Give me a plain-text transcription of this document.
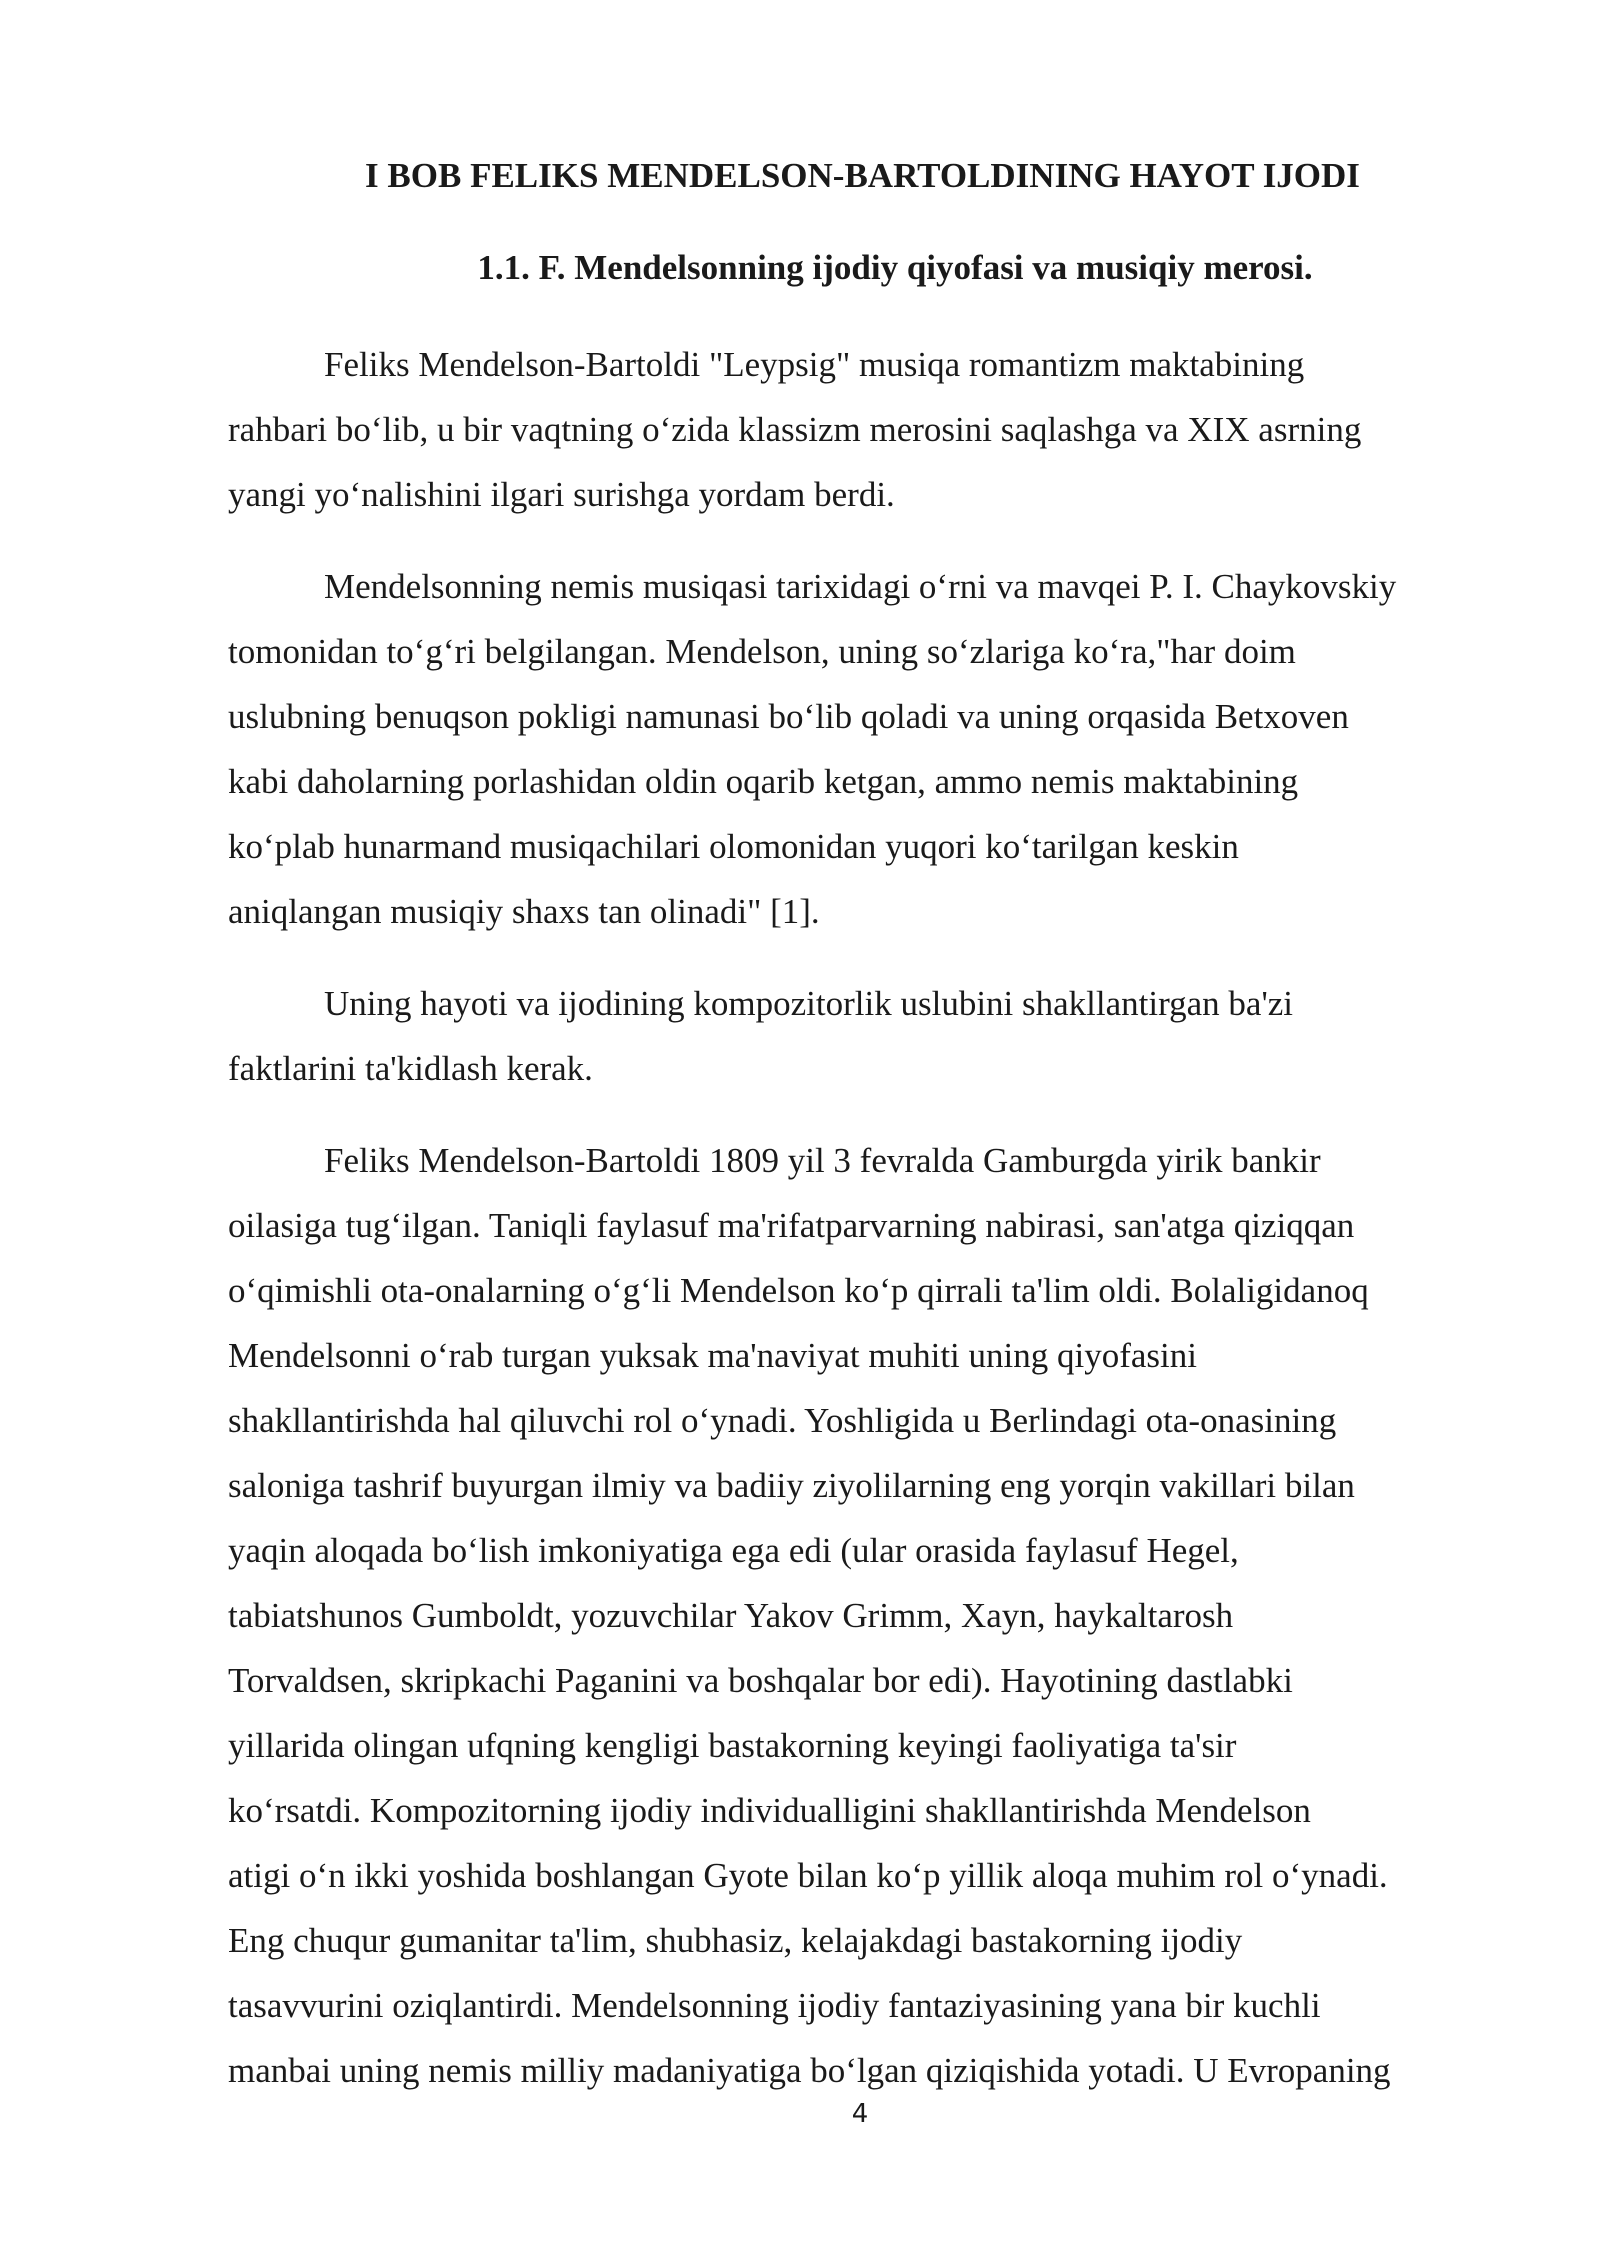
I BOB FELIKS MENDELSON-BARTOLDINING HAYOT IJODI
1.1. F. Mendelsonning ijodiy qiyofasi va musiqiy merosi.

Feliks Mendelson-Bartoldi "Leypsig" musiqa romantizm maktabining
rahbari boʻlib, u bir vaqtning oʻzida klassizm merosini saqlashga va XIX asrning
yangi yoʻnalishini ilgari surishga yordam berdi.

Mendelsonning nemis musiqasi tarixidagi oʻrni va mavqei P. I. Chaykovskiy
tomonidan toʻgʻri belgilangan. Mendelson, uning soʻzlariga koʻra,"har doim
uslubning benuqson pokligi namunasi boʻlib qoladi va uning orqasida Betxoven
kabi daholarning porlashidan oldin oqarib ketgan, ammo nemis maktabining
koʻplab hunarmand musiqachilari olomonidan yuqori koʻtarilgan keskin
aniqlangan musiqiy shaxs tan olinadi" [1].

Uning hayoti va ijodining kompozitorlik uslubini shakllantirgan ba'zi
faktlarini ta'kidlash kerak.

Feliks Mendelson-Bartoldi 1809 yil 3 fevralda Gamburgda yirik bankir
oilasiga tugʻilgan. Taniqli faylasuf ma'rifatparvarning nabirasi, san'atga qiziqqan
oʻqimishli ota-onalarning oʻgʻli Mendelson koʻp qirrali ta'lim oldi. Bolaligidanoq
Mendelsonni oʻrab turgan yuksak ma'naviyat muhiti uning qiyofasini
shakllantirishda hal qiluvchi rol oʻynadi. Yoshligida u Berlindagi ota-onasining
saloniga tashrif buyurgan ilmiy va badiiy ziyolilarning eng yorqin vakillari bilan
yaqin aloqada boʻlish imkoniyatiga ega edi (ular orasida faylasuf Hegel,
tabiatshunos Gumboldt, yozuvchilar Yakov Grimm, Xayn, haykaltarosh
Torvaldsen, skripkachi Paganini va boshqalar bor edi). Hayotining dastlabki
yillarida olingan ufqning kengligi bastakorning keyingi faoliyatiga ta'sir
koʻrsatdi. Kompozitorning ijodiy individualligini shakllantirishda Mendelson
atigi oʻn ikki yoshida boshlangan Gyote bilan koʻp yillik aloqa muhim rol oʻynadi.
Eng chuqur gumanitar ta'lim, shubhasiz, kelajakdagi bastakorning ijodiy
tasavvurini oziqlantirdi. Mendelsonning ijodiy fantaziyasining yana bir kuchli
manbai uning nemis milliy madaniyatiga boʻlgan qiziqishida yotadi. U Evropaning

4
